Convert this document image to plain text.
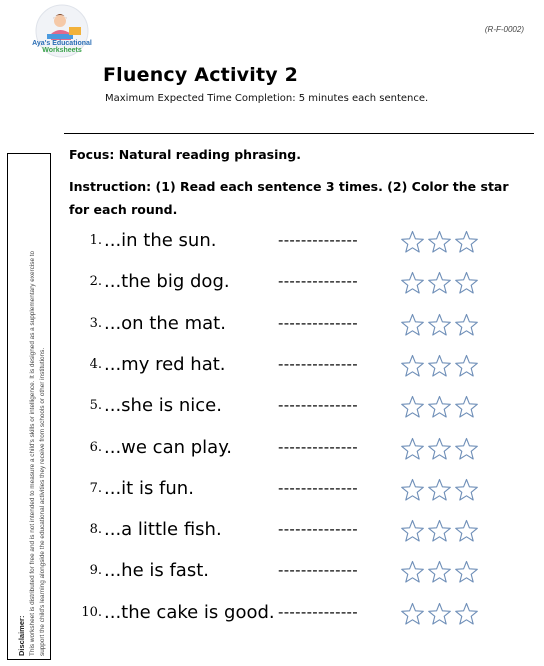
Aya's Educational
Worksheets
(R-F-0002)
Fluency Activity 2
Maximum Expected Time Completion: 5 minutes each sentence.
Focus: Natural reading phrasing.
Instruction: (1) Read each sentence 3 times. (2) Color the star for each round.
Disclaimer: This worksheet is distributed for free and is not intended to measure a child's skills or intelligence. It is designed as a supplementary exercise to support the child's learning alongside the educational activities they receive from schools or other institutions.
1. ...in the sun.	--------------
2. ...the big dog.	--------------
3. ...on the mat.	--------------
4. ...my red hat.	--------------
5. ...she is nice.	--------------
6. ...we can play.	--------------
7. ...it is fun.	--------------
8. ...a little fish.	--------------
9. ...he is fast.	--------------
10. ...the cake is good. --------------
